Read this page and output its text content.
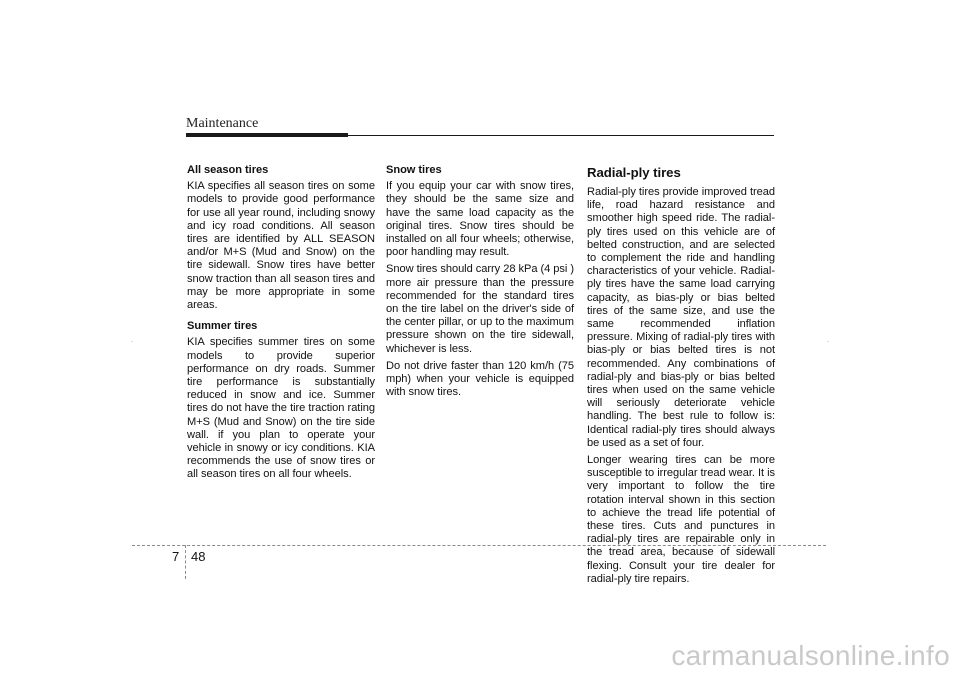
Maintenance
All season tires

KIA specifies all season tires on some models to provide good performance for use all year round, including snowy and icy road conditions. All season tires are identified by ALL SEASON and/or M+S (Mud and Snow) on the tire sidewall. Snow tires have better snow traction than all season tires and may be more appropriate in some areas.

Summer tires

KIA specifies summer tires on some models to provide superior performance on dry roads. Summer tire performance is substantially reduced in snow and ice. Summer tires do not have the tire traction rating M+S (Mud and Snow) on the tire side wall. if you plan to operate your vehicle in snowy or icy conditions. KIA recommends the use of snow tires or all season tires on all four wheels.

Snow tires

If you equip your car with snow tires, they should be the same size and have the same load capacity as the original tires. Snow tires should be installed on all four wheels; otherwise, poor handling may result.

Snow tires should carry 28 kPa (4 psi ) more air pressure than the pressure recommended for the standard tires on the tire label on the driver's side of the center pillar, or up to the maximum pressure shown on the tire sidewall, whichever is less.

Do not drive faster than 120 km/h (75 mph) when your vehicle is equipped with snow tires.

Radial-ply tires

Radial-ply tires provide improved tread life, road hazard resistance and smoother high speed ride. The radial-ply tires used on this vehicle are of belted construction, and are selected to complement the ride and handling characteristics of your vehicle. Radial-ply tires have the same load carrying capacity, as bias-ply or bias belted tires of the same size, and use the same recommended inflation pressure. Mixing of radial-ply tires with bias-ply or bias belted tires is not recommended. Any combinations of radial-ply and bias-ply or bias belted tires when used on the same vehicle will seriously deteriorate vehicle handling. The best rule to follow is: Identical radial-ply tires should always be used as a set of four.

Longer wearing tires can be more susceptible to irregular tread wear. It is very important to follow the tire rotation interval shown in this section to achieve the tread life potential of these tires. Cuts and punctures in radial-ply tires are repairable only in the tread area, because of sidewall flexing. Consult your tire dealer for radial-ply tire repairs.

7 48
carmanualsonline.info
